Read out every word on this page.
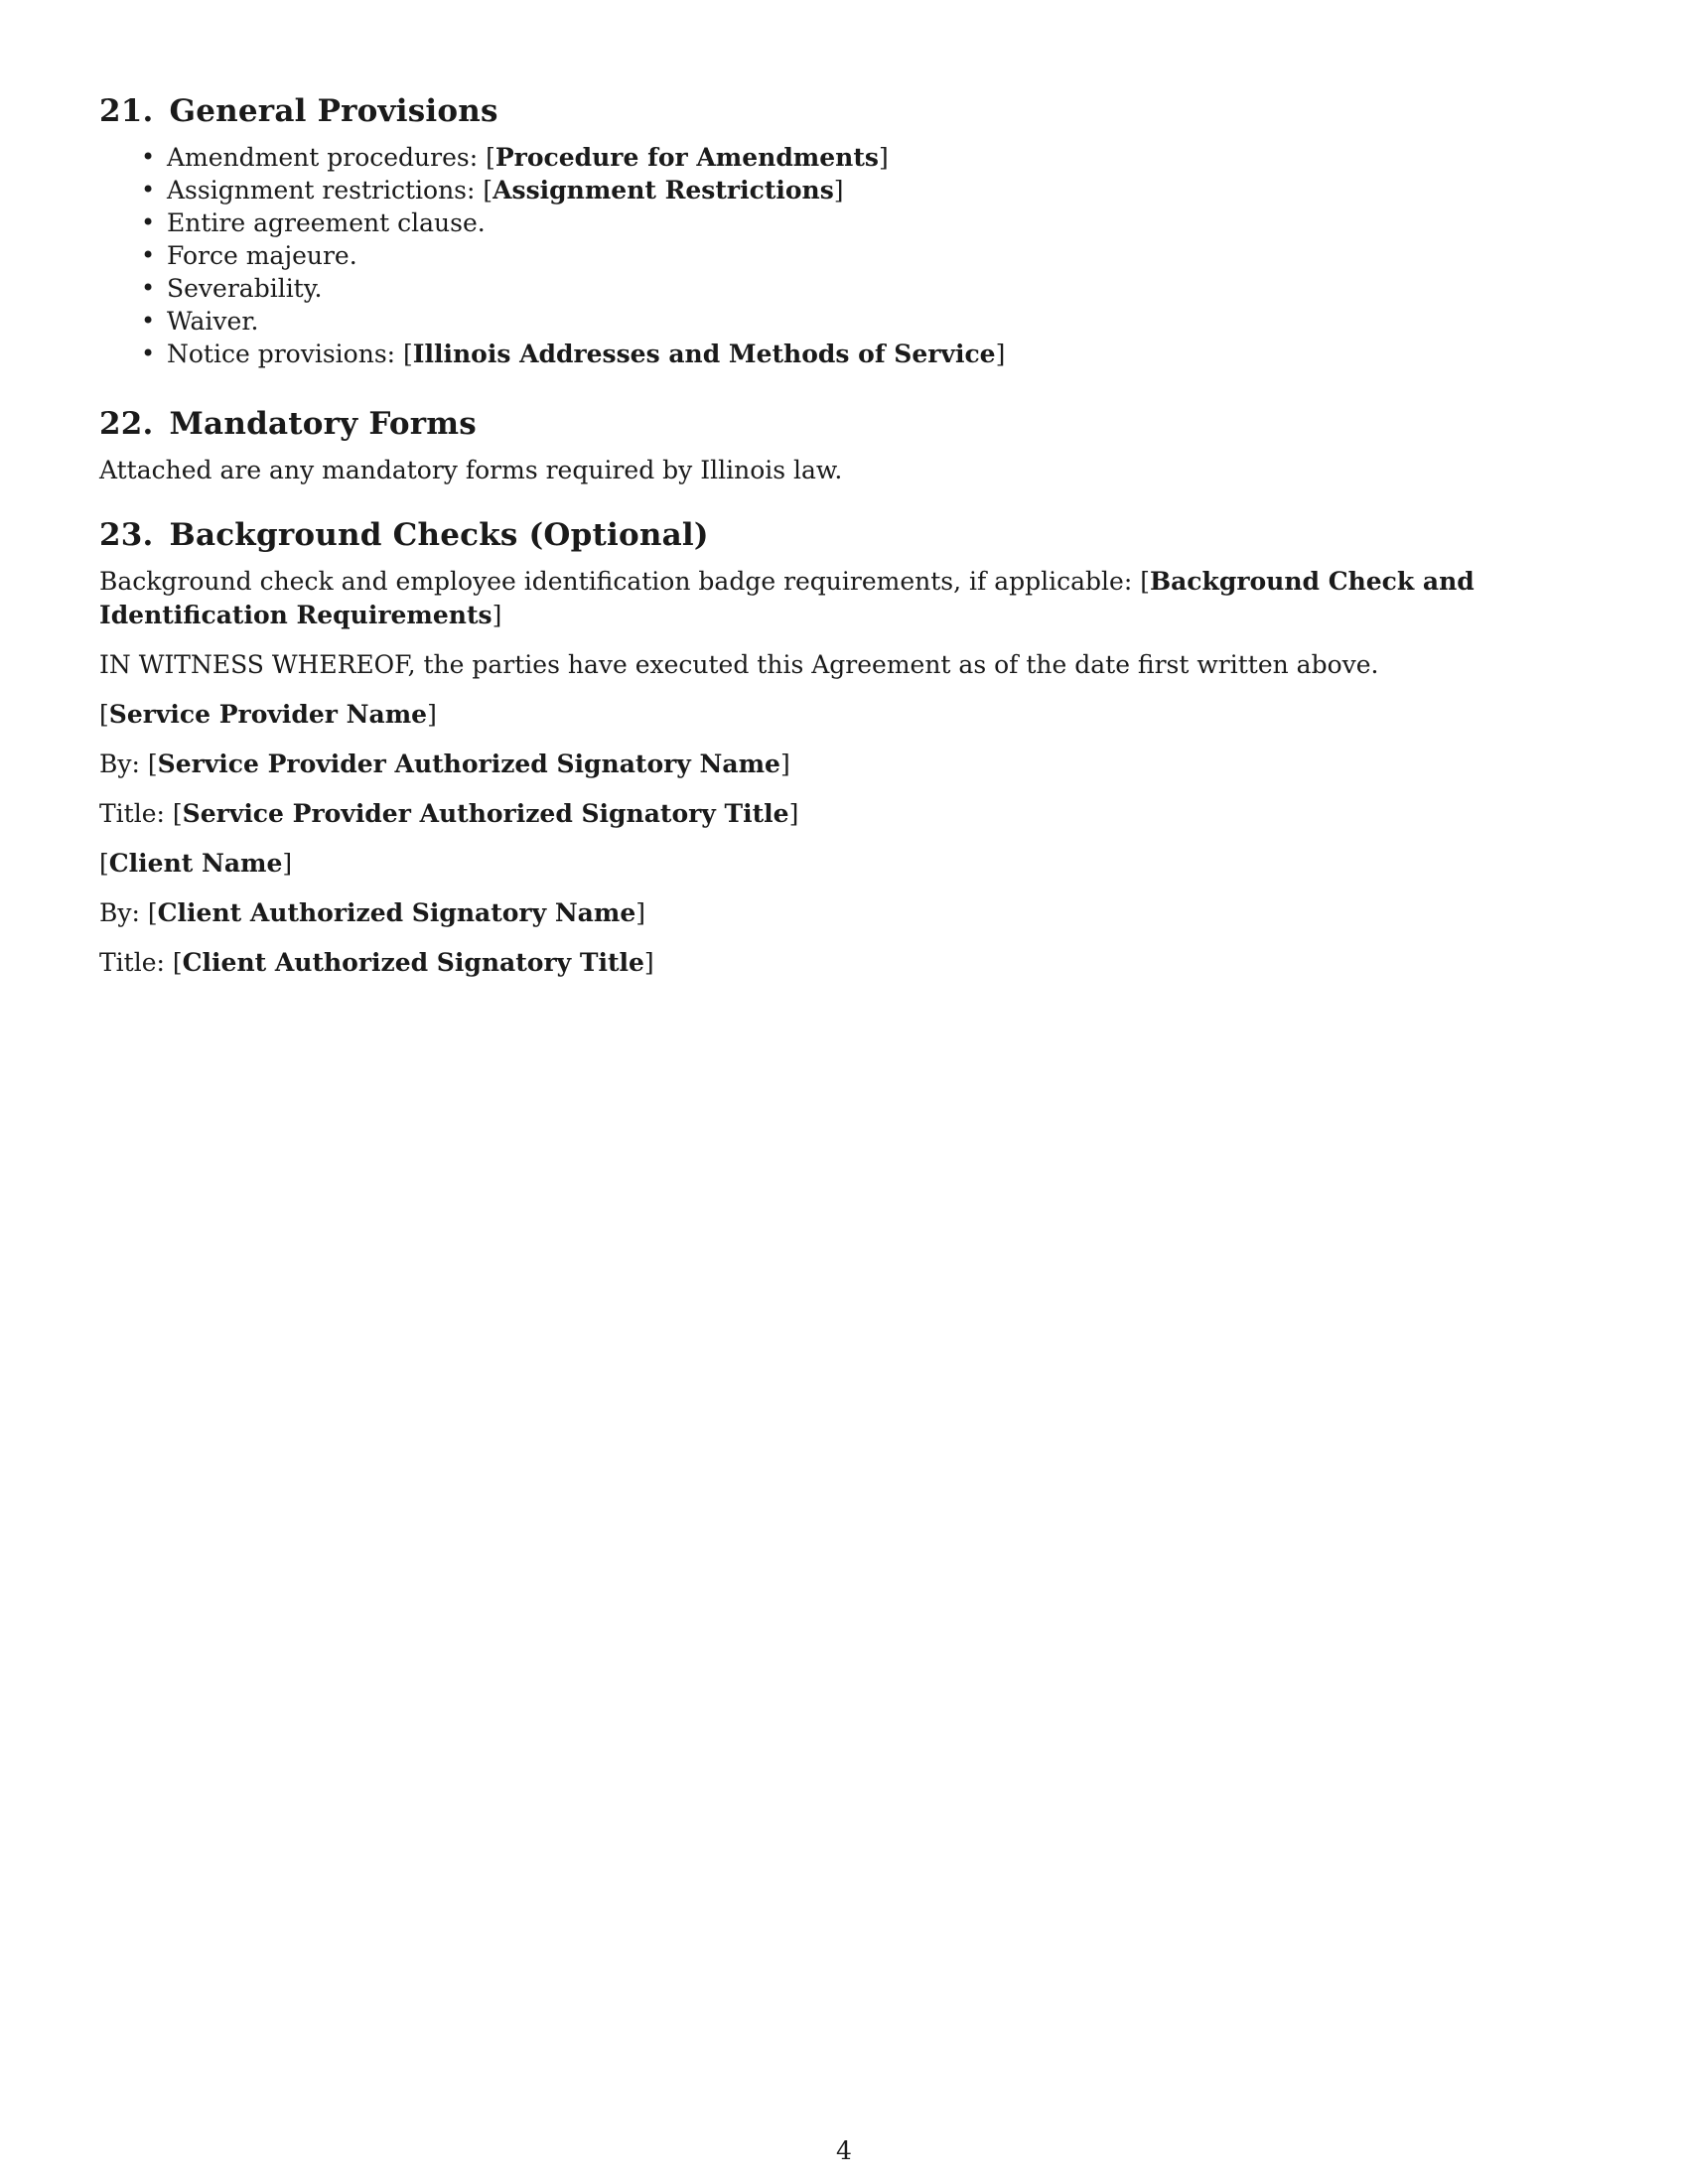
21. General Provisions
• Amendment procedures: [Procedure for Amendments]
• Assignment restrictions: [Assignment Restrictions]
• Entire agreement clause.
• Force majeure.
• Severability.
• Waiver.
• Notice provisions: [Illinois Addresses and Methods of Service]
22. Mandatory Forms

Attached are any mandatory forms required by Illinois law.

23. Background Checks (Optional)

Background check and employee identification badge requirements, if applicable: [Background Check and Identification Requirements]

IN WITNESS WHEREOF, the parties have executed this Agreement as of the date first written above.

[Service Provider Name]
By: [Service Provider Authorized Signatory Name]
Title: [Service Provider Authorized Signatory Title]
[Client Name]
By: [Client Authorized Signatory Name]
Title: [Client Authorized Signatory Title]
4
